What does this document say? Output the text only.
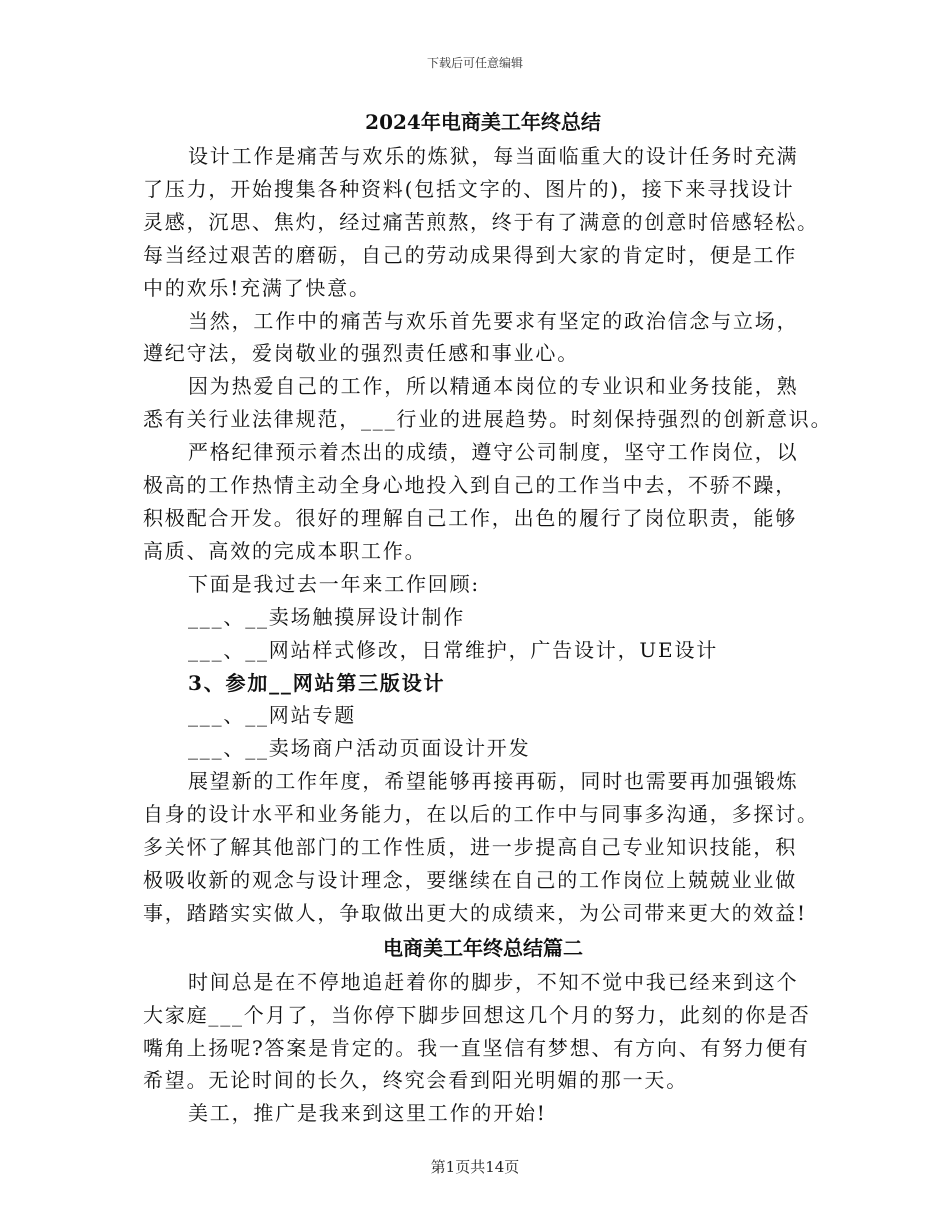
下载后可任意编辑
2024年电商美工年终总结
设计工作是痛苦与欢乐的炼狱，每当面临重大的设计任务时充满
了压力，开始搜集各种资料(包括文字的、图片的)，接下来寻找设计
灵感，沉思、焦灼，经过痛苦煎熬，终于有了满意的创意时倍感轻松。
每当经过艰苦的磨砺，自己的劳动成果得到大家的肯定时，便是工作
中的欢乐!充满了快意。
当然，工作中的痛苦与欢乐首先要求有坚定的政治信念与立场，
遵纪守法，爱岗敬业的强烈责任感和事业心。
因为热爱自己的工作，所以精通本岗位的专业识和业务技能，熟
悉有关行业法律规范，___行业的进展趋势。时刻保持强烈的创新意识。
严格纪律预示着杰出的成绩，遵守公司制度，坚守工作岗位，以
极高的工作热情主动全身心地投入到自己的工作当中去，不骄不躁，
积极配合开发。很好的理解自己工作，出色的履行了岗位职责，能够
高质、高效的完成本职工作。
下面是我过去一年来工作回顾:
___、__卖场触摸屏设计制作
___、__网站样式修改，日常维护，广告设计，UE设计
3、参加__网站第三版设计
___、__网站专题
___、__卖场商户活动页面设计开发
展望新的工作年度，希望能够再接再砺，同时也需要再加强锻炼
自身的设计水平和业务能力，在以后的工作中与同事多沟通，多探讨。
多关怀了解其他部门的工作性质，进一步提高自己专业知识技能，积
极吸收新的观念与设计理念，要继续在自己的工作岗位上兢兢业业做
事，踏踏实实做人，争取做出更大的成绩来，为公司带来更大的效益!
电商美工年终总结篇二
时间总是在不停地追赶着你的脚步，不知不觉中我已经来到这个
大家庭___个月了，当你停下脚步回想这几个月的努力，此刻的你是否
嘴角上扬呢?答案是肯定的。我一直坚信有梦想、有方向、有努力便有
希望。无论时间的长久，终究会看到阳光明媚的那一天。
美工，推广是我来到这里工作的开始!
第1页共14页
